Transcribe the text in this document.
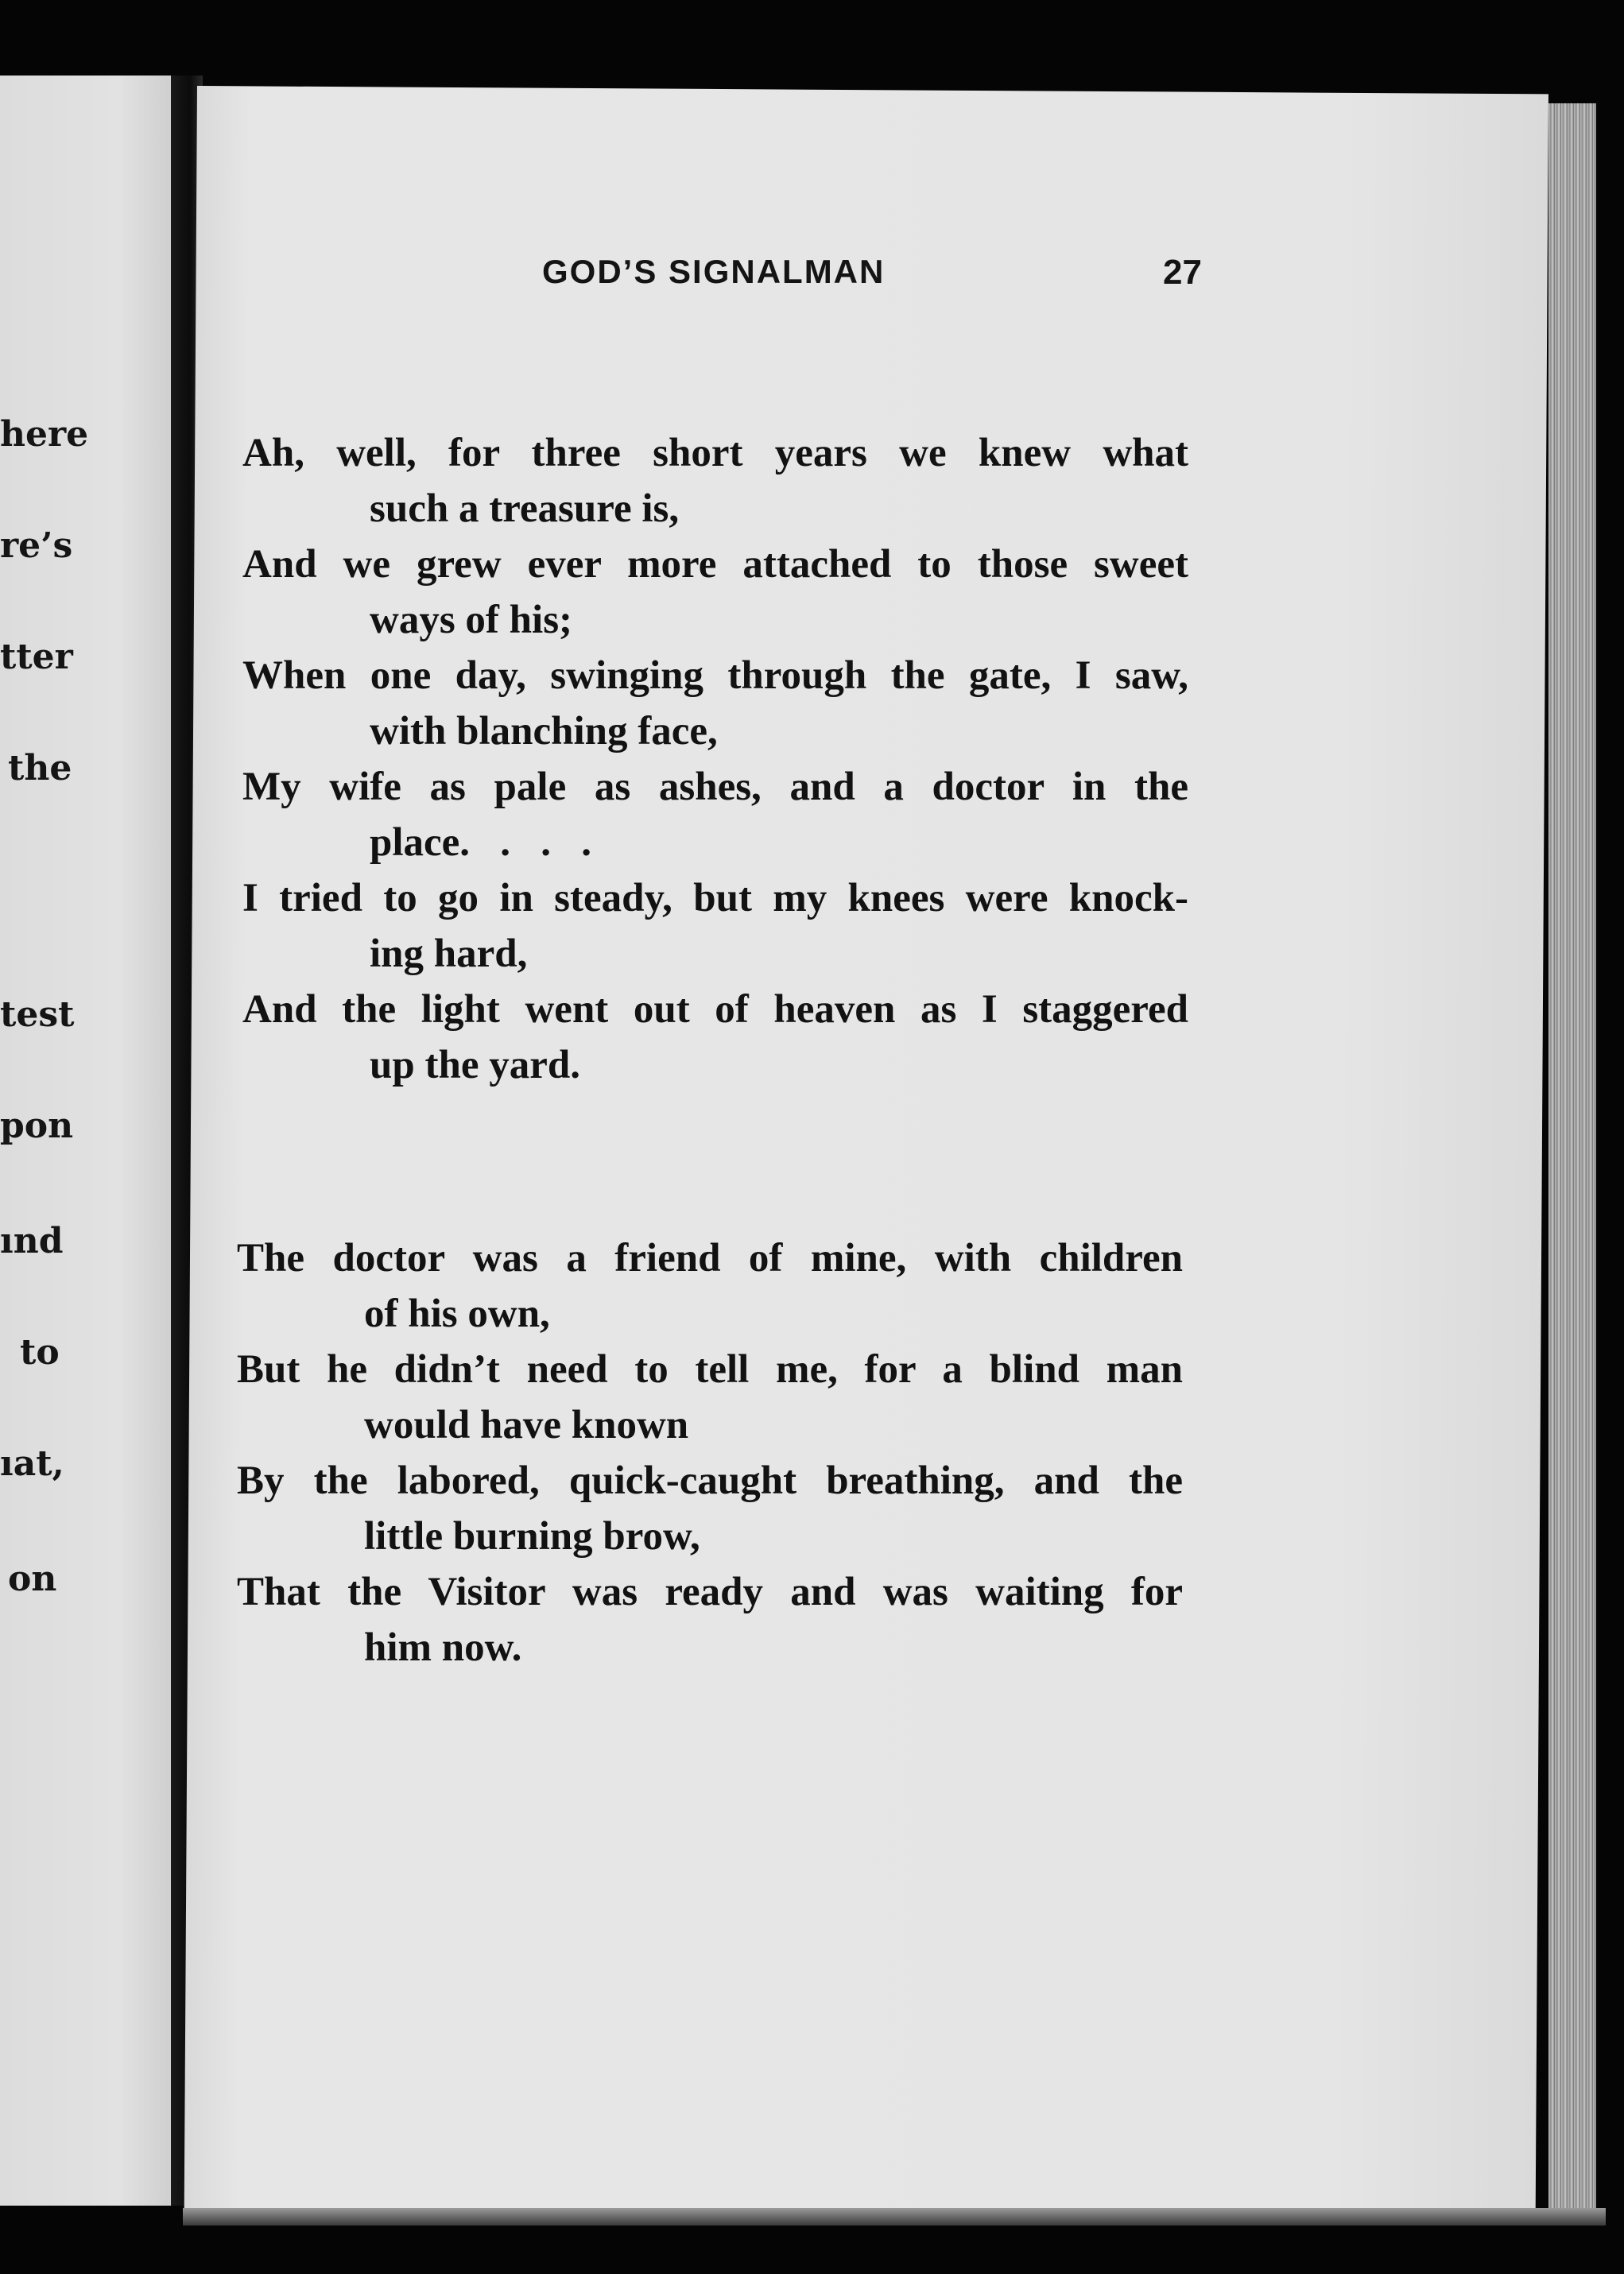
here
re’s
tter
the
test
pon
ınd
to
ıat,
on
GOD’S SIGNALMAN	27
Ah, well, for three short years we knew what
such a treasure is,
And we grew ever more attached to those sweet
ways of his;
When one day, swinging through the gate, I saw,
with blanching face,
My wife as pale as ashes, and a doctor in the
place.   .   .   .
I tried to go in steady, but my knees were knock-
ing hard,
And the light went out of heaven as I staggered
up the yard.
The doctor was a friend of mine, with children
of his own,
But he didn’t need to tell me, for a blind man
would have known
By the labored, quick-caught breathing, and the
little burning brow,
That the Visitor was ready and was waiting for
him now.
